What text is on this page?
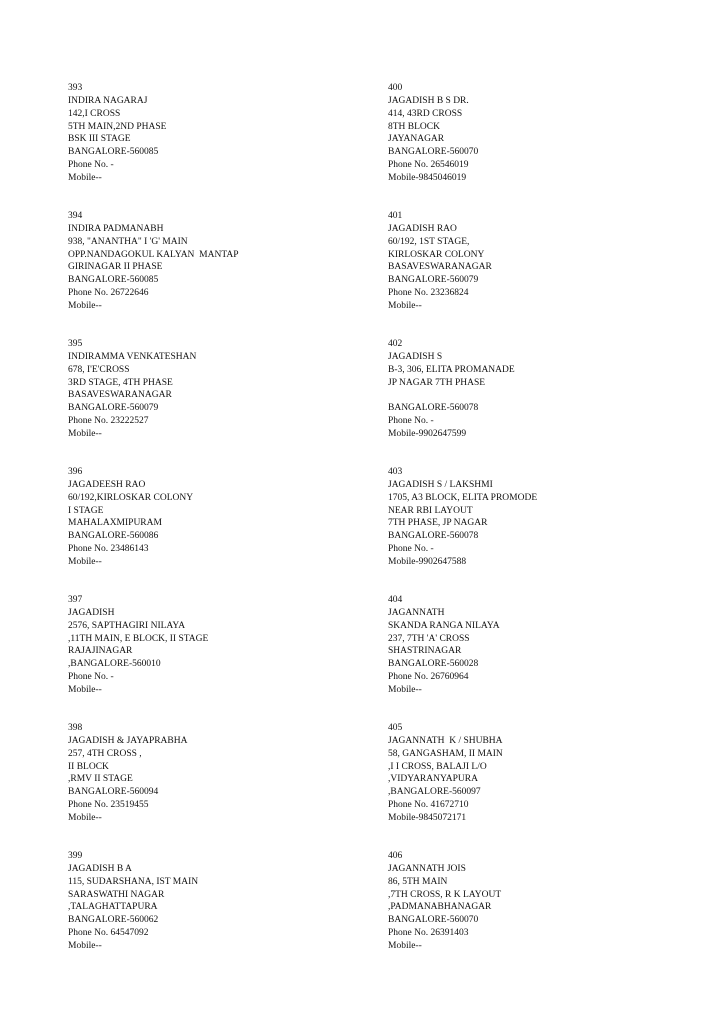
393
INDIRA NAGARAJ
142,I CROSS
5TH MAIN,2ND PHASE
BSK III STAGE
BANGALORE-560085
Phone No. -
Mobile--
394
INDIRA PADMANABH
938, "ANANTHA" I 'G' MAIN
OPP.NANDAGOKUL KALYAN  MANTAP
GIRINAGAR II PHASE
BANGALORE-560085
Phone No. 26722646
Mobile--
395
INDIRAMMA VENKATESHAN
678, I'E'CROSS
3RD STAGE, 4TH PHASE
BASAVESWARANAGAR
BANGALORE-560079
Phone No. 23222527
Mobile--
396
JAGADEESH RAO
60/192,KIRLOSKAR COLONY
I STAGE
MAHALAXMIPURAM
BANGALORE-560086
Phone No. 23486143
Mobile--
397
JAGADISH
2576, SAPTHAGIRI NILAYA
,11TH MAIN, E BLOCK, II STAGE
RAJAJINAGAR
,BANGALORE-560010
Phone No. -
Mobile--
398
JAGADISH & JAYAPRABHA
257, 4TH CROSS ,
II BLOCK
,RMV II STAGE
BANGALORE-560094
Phone No. 23519455
Mobile--
399
JAGADISH B A
115, SUDARSHANA, IST MAIN
SARASWATHI NAGAR
,TALAGHATTAPURA
BANGALORE-560062
Phone No. 64547092
Mobile--
400
JAGADISH B S DR.
414, 43RD CROSS
8TH BLOCK
JAYANAGAR
BANGALORE-560070
Phone No. 26546019
Mobile-9845046019
401
JAGADISH RAO
60/192, 1ST STAGE,
KIRLOSKAR COLONY
BASAVESWARANAGAR
BANGALORE-560079
Phone No. 23236824
Mobile--
402
JAGADISH S
B-3, 306, ELITA PROMANADE
JP NAGAR 7TH PHASE
BANGALORE-560078
Phone No. -
Mobile-9902647599
403
JAGADISH S / LAKSHMI
1705, A3 BLOCK, ELITA PROMODE
NEAR RBI LAYOUT
7TH PHASE, JP NAGAR
BANGALORE-560078
Phone No. -
Mobile-9902647588
404
JAGANNATH
SKANDA RANGA NILAYA
237, 7TH 'A' CROSS
SHASTRINAGAR
BANGALORE-560028
Phone No. 26760964
Mobile--
405
JAGANNATH  K / SHUBHA
58, GANGASHAM, II MAIN
,I I CROSS, BALAJI L/O
,VIDYARANYAPURA
,BANGALORE-560097
Phone No. 41672710
Mobile-9845072171
406
JAGANNATH JOIS
86, 5TH MAIN
,7TH CROSS, R K LAYOUT
,PADMANABHANAGAR
BANGALORE-560070
Phone No. 26391403
Mobile--
